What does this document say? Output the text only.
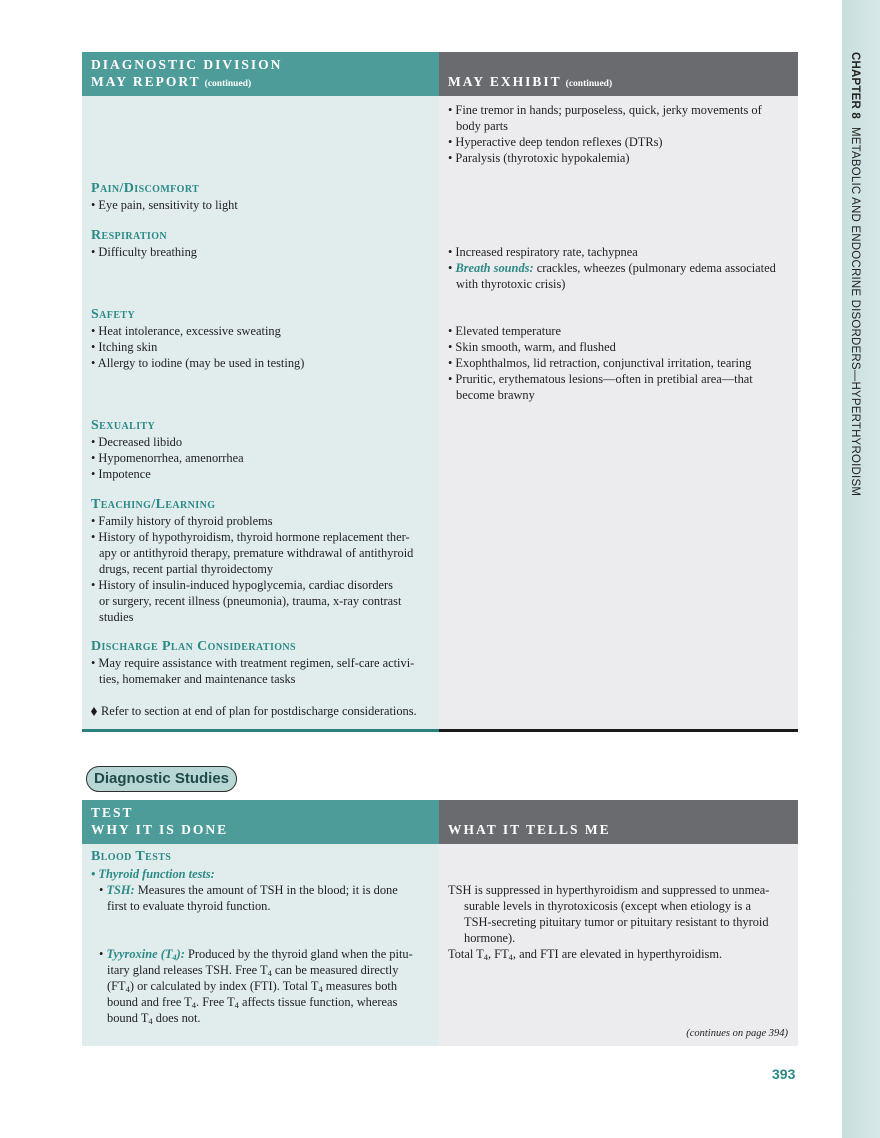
CHAPTER 8METABOLIC AND ENDOCRINE DISORDERS—HYPERTHYROIDISM
DIAGNOSTIC DIVISION
MAY REPORT (continued)	MAY EXHIBIT (continued)
Pain/Discomfort
• Eye pain, sensitivity to light
Respiration
• Difficulty breathing
Safety
• Heat intolerance, excessive sweating
• Itching skin
• Allergy to iodine (may be used in testing)
Sexuality
• Decreased libido
• Hypomenorrhea, amenorrhea
• Impotence
Teaching/Learning
• Family history of thyroid problems
• History of hypothyroidism, thyroid hormone replacement ther-
apy or antithyroid therapy, premature withdrawal of antithyroid
drugs, recent partial thyroidectomy
• History of insulin-induced hypoglycemia, cardiac disorders
or surgery, recent illness (pneumonia), trauma, x-ray contrast
studies
Discharge Plan Considerations
• May require assistance with treatment regimen, self-care activi-
ties, homemaker and maintenance tasks
Refer to section at end of plan for postdischarge considerations.
• Fine tremor in hands; purposeless, quick, jerky movements of
body parts
• Hyperactive deep tendon reflexes (DTRs)
• Paralysis (thyrotoxic hypokalemia)
• Increased respiratory rate, tachypnea
• Breath sounds: crackles, wheezes (pulmonary edema associated
with thyrotoxic crisis)
• Elevated temperature
• Skin smooth, warm, and flushed
• Exophthalmos, lid retraction, conjunctival irritation, tearing
• Pruritic, erythematous lesions—often in pretibial area—that
become brawny
Diagnostic Studies
TEST
WHY IT IS DONE	WHAT IT TELLS ME
Blood Tests
• Thyroid function tests:
• TSH: Measures the amount of TSH in the blood; it is done
first to evaluate thyroid function.
• Tyyroxine $(T_4)$: Produced by the thyroid gland when the pitu-
itary gland releases TSH. Free $T_4$ can be measured directly
$(FT_4)$ or calculated by index (FTI). Total $T_4$ measures both
bound and free $T_4$. Free $T_4$ affects tissue function, whereas
bound $T_4$ does not.
TSH is suppressed in hyperthyroidism and suppressed to unmea-
surable levels in thyrotoxicosis (except when etiology is a
TSH-secreting pituitary tumor or pituitary resistant to thyroid
hormone).
Total $T_4$, $FT_4$, and FTI are elevated in hyperthyroidism.
(continues on page 394)
393
